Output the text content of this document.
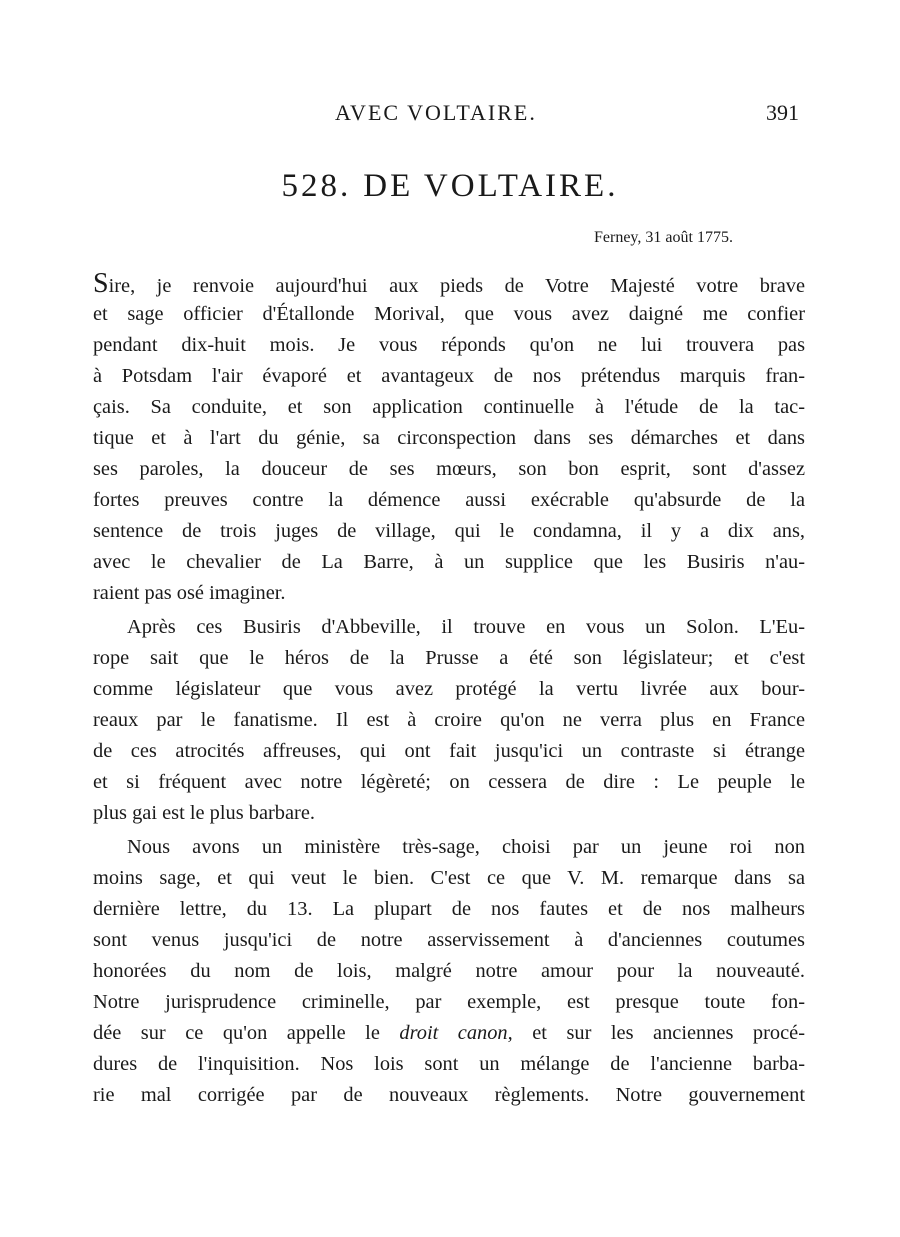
AVEC VOLTAIRE.	391
528. DE VOLTAIRE.
Ferney, 31 août 1775.
Sire, je renvoie aujourd'hui aux pieds de Votre Majesté votre brave
et sage officier d'Étallonde Morival, que vous avez daigné me confier
pendant dix-huit mois. Je vous réponds qu'on ne lui trouvera pas
à Potsdam l'air évaporé et avantageux de nos prétendus marquis fran-
çais. Sa conduite, et son application continuelle à l'étude de la tac-
tique et à l'art du génie, sa circonspection dans ses démarches et dans
ses paroles, la douceur de ses mœurs, son bon esprit, sont d'assez
fortes preuves contre la démence aussi exécrable qu'absurde de la
sentence de trois juges de village, qui le condamna, il y a dix ans,
avec le chevalier de La Barre, à un supplice que les Busiris n'au-
raient pas osé imaginer.
Après ces Busiris d'Abbeville, il trouve en vous un Solon. L'Eu-
rope sait que le héros de la Prusse a été son législateur; et c'est
comme législateur que vous avez protégé la vertu livrée aux bour-
reaux par le fanatisme. Il est à croire qu'on ne verra plus en France
de ces atrocités affreuses, qui ont fait jusqu'ici un contraste si étrange
et si fréquent avec notre légèreté; on cessera de dire : Le peuple le
plus gai est le plus barbare.
Nous avons un ministère très-sage, choisi par un jeune roi non
moins sage, et qui veut le bien. C'est ce que V. M. remarque dans sa
dernière lettre, du 13. La plupart de nos fautes et de nos malheurs
sont venus jusqu'ici de notre asservissement à d'anciennes coutumes
honorées du nom de lois, malgré notre amour pour la nouveauté.
Notre jurisprudence criminelle, par exemple, est presque toute fon-
dée sur ce qu'on appelle le droit canon, et sur les anciennes procé-
dures de l'inquisition. Nos lois sont un mélange de l'ancienne barba-
rie mal corrigée par de nouveaux règlements. Notre gouvernement
